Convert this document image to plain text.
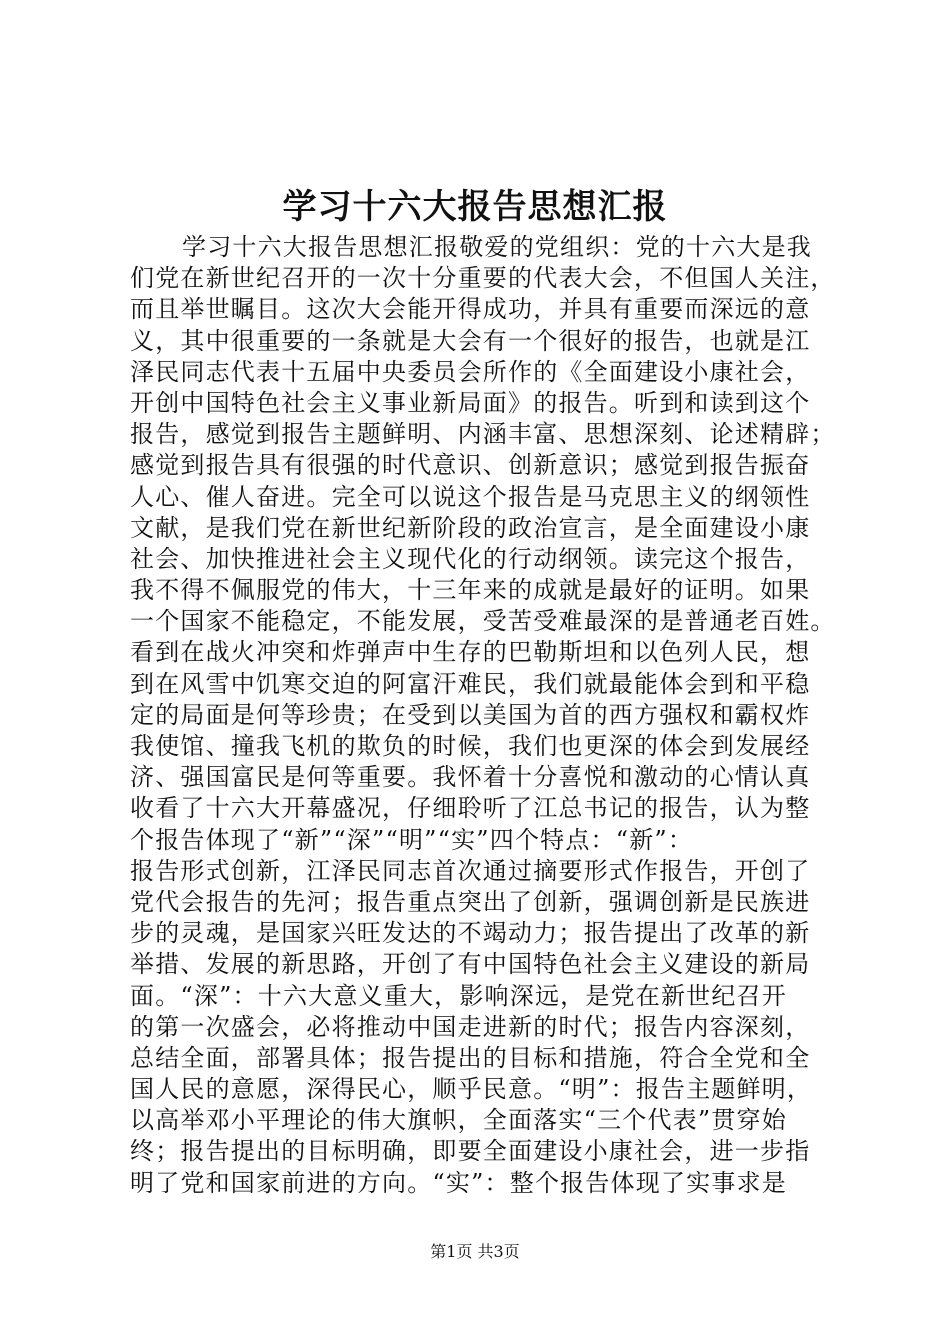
学习十六大报告思想汇报
学习十六大报告思想汇报敬爱的党组织：党的十六大是我
们党在新世纪召开的一次十分重要的代表大会，不但国人关注，
而且举世瞩目。这次大会能开得成功，并具有重要而深远的意
义，其中很重要的一条就是大会有一个很好的报告，也就是江
泽民同志代表十五届中央委员会所作的《全面建设小康社会，
开创中国特色社会主义事业新局面》的报告。听到和读到这个
报告，感觉到报告主题鲜明、内涵丰富、思想深刻、论述精辟；
感觉到报告具有很强的时代意识、创新意识；感觉到报告振奋
人心、催人奋进。完全可以说这个报告是马克思主义的纲领性
文献，是我们党在新世纪新阶段的政治宣言，是全面建设小康
社会、加快推进社会主义现代化的行动纲领。读完这个报告，
我不得不佩服党的伟大，十三年来的成就是最好的证明。如果
一个国家不能稳定，不能发展，受苦受难最深的是普通老百姓。
看到在战火冲突和炸弹声中生存的巴勒斯坦和以色列人民，想
到在风雪中饥寒交迫的阿富汗难民，我们就最能体会到和平稳
定的局面是何等珍贵；在受到以美国为首的西方强权和霸权炸
我使馆、撞我飞机的欺负的时候，我们也更深的体会到发展经
济、强国富民是何等重要。我怀着十分喜悦和激动的心情认真
收看了十六大开幕盛况，仔细聆听了江总书记的报告，认为整
个报告体现了“新”“深”“明”“实”四个特点：“新”：
报告形式创新，江泽民同志首次通过摘要形式作报告，开创了
党代会报告的先河；报告重点突出了创新，强调创新是民族进
步的灵魂，是国家兴旺发达的不竭动力；报告提出了改革的新
举措、发展的新思路，开创了有中国特色社会主义建设的新局
面。“深”：十六大意义重大，影响深远，是党在新世纪召开
的第一次盛会，必将推动中国走进新的时代；报告内容深刻，
总结全面，部署具体；报告提出的目标和措施，符合全党和全
国人民的意愿，深得民心，顺乎民意。“明”：报告主题鲜明，
以高举邓小平理论的伟大旗帜，全面落实“三个代表”贯穿始
终；报告提出的目标明确，即要全面建设小康社会，进一步指
明了党和国家前进的方向。“实”：整个报告体现了实事求是
第1页 共3页
